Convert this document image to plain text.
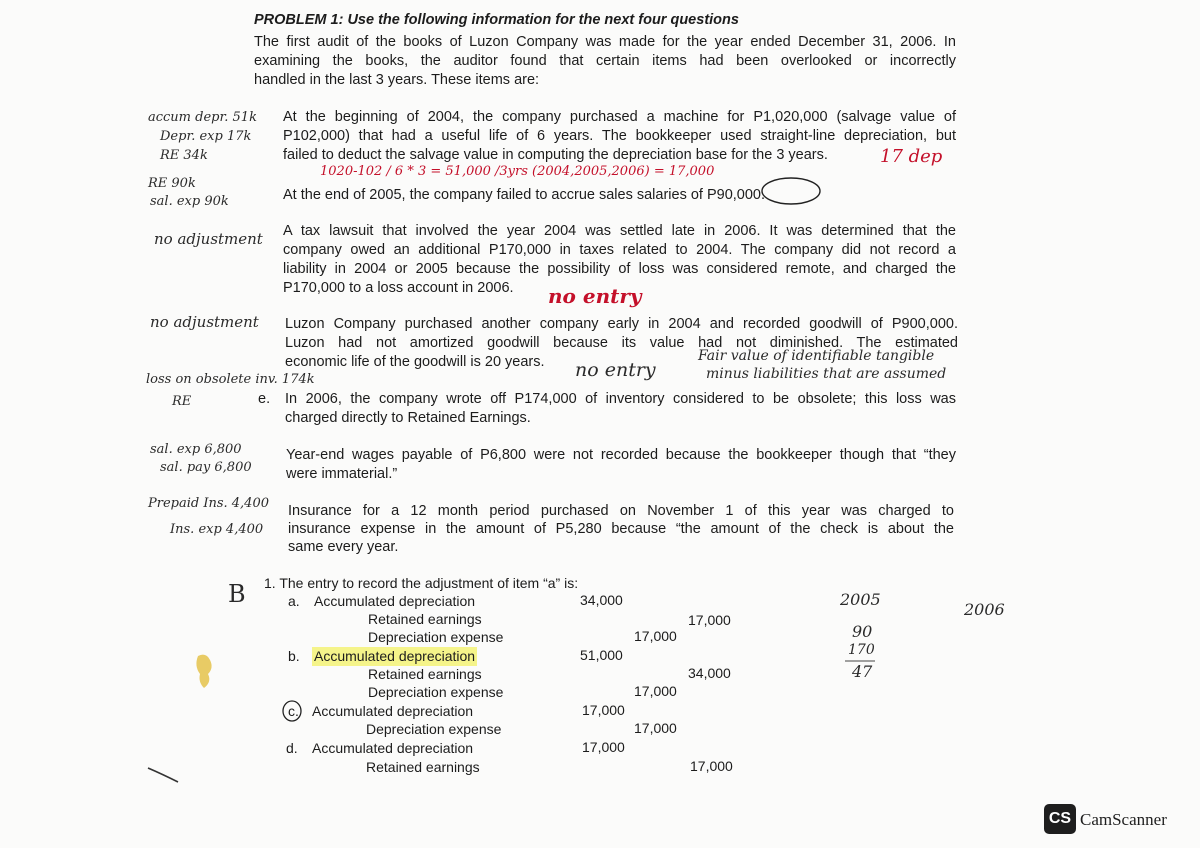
PROBLEM 1: Use the following information for the next four questions
The first audit of the books of Luzon Company was made for the year ended December 31, 2006. In
examining the books, the auditor found that certain items had been overlooked or incorrectly
handled in the last 3 years. These items are:
At the beginning of 2004, the company purchased a machine for P1,020,000 (salvage value of
P102,000) that had a useful life of 6 years. The bookkeeper used straight-line depreciation, but
failed to deduct the salvage value in computing the depreciation base for the 3 years.
At the end of 2005, the company failed to accrue sales salaries of P90,000.
A tax lawsuit that involved the year 2004 was settled late in 2006. It was determined that the
company owed an additional P170,000 in taxes related to 2004. The company did not record a
liability in 2004 or 2005 because the possibility of loss was considered remote, and charged the
P170,000 to a loss account in 2006.
Luzon Company purchased another company early in 2004 and recorded goodwill of P900,000.
Luzon had not amortized goodwill because its value had not diminished. The estimated
economic life of the goodwill is 20 years.
e. In 2006, the company wrote off P174,000 of inventory considered to be obsolete; this loss was
charged directly to Retained Earnings.
Year-end wages payable of P6,800 were not recorded because the bookkeeper though that “they
were immaterial.”
Insurance for a 12 month period purchased on November 1 of this year was charged to
insurance expense in the amount of P5,280 because “the amount of the check is about the
same every year.
1. The entry to record the adjustment of item “a” is:
a. Accumulated depreciation	34,000
Retained earnings	17,000
Depreciation expense	17,000
b. Accumulated depreciation	51,000
Retained earnings	34,000
Depreciation expense	17,000
c. Accumulated depreciation	17,000
Depreciation expense	17,000
d. Accumulated depreciation	17,000
Retained earnings	17,000
accum depr. 51k
Depr. exp 17k
RE 34k
1020-102 / 6 * 3 = 51,000 /3yrs (2004,2005,2006) = 17,000
17 dep
RE 90k
sal. exp 90k
no adjustment
no entry
no adjustment
no entry
Fair value of identifiable tangible
minus liabilities that are assumed
loss on obsolete inv. 174k
RE
sal. exp 6,800
sal. pay 6,800
Prepaid Ins. 4,400
Ins. exp 4,400
B	2005
2006
90
170
47
CS CamScanner
